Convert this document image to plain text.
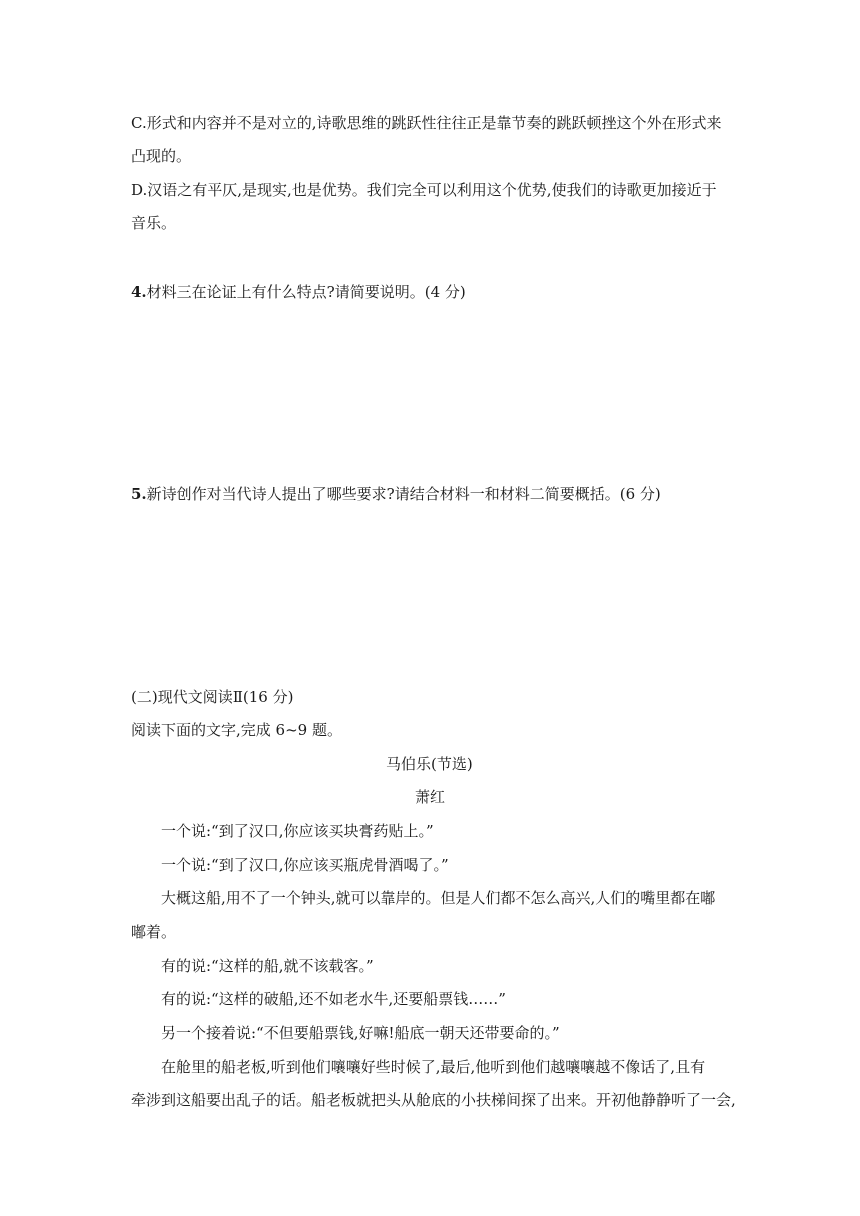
C.形式和内容并不是对立的,诗歌思维的跳跃性往往正是靠节奏的跳跃顿挫这个外在形式来
凸现的。
D.汉语之有平仄,是现实,也是优势。我们完全可以利用这个优势,使我们的诗歌更加接近于
音乐。
4.材料三在论证上有什么特点?请简要说明。(4 分)
5.新诗创作对当代诗人提出了哪些要求?请结合材料一和材料二简要概括。(6 分)
(二)现代文阅读Ⅱ(16 分)
阅读下面的文字,完成 6~9 题。
马伯乐(节选)
萧红
一个说:“到了汉口,你应该买块膏药贴上。”
一个说:“到了汉口,你应该买瓶虎骨酒喝了。”
大概这船,用不了一个钟头,就可以靠岸的。但是人们都不怎么高兴,人们的嘴里都在嘟
嘟着。
有的说:“这样的船,就不该载客。”
有的说:“这样的破船,还不如老水牛,还要船票钱……”
另一个接着说:“不但要船票钱,好嘛!船底一朝天还带要命的。”
在舱里的船老板,听到他们嚷嚷好些时候了,最后,他听到他们越嚷嚷越不像话了,且有
牵涉到这船要出乱子的话。船老板就把头从舱底的小扶梯间探了出来。开初他静静听了一会,
